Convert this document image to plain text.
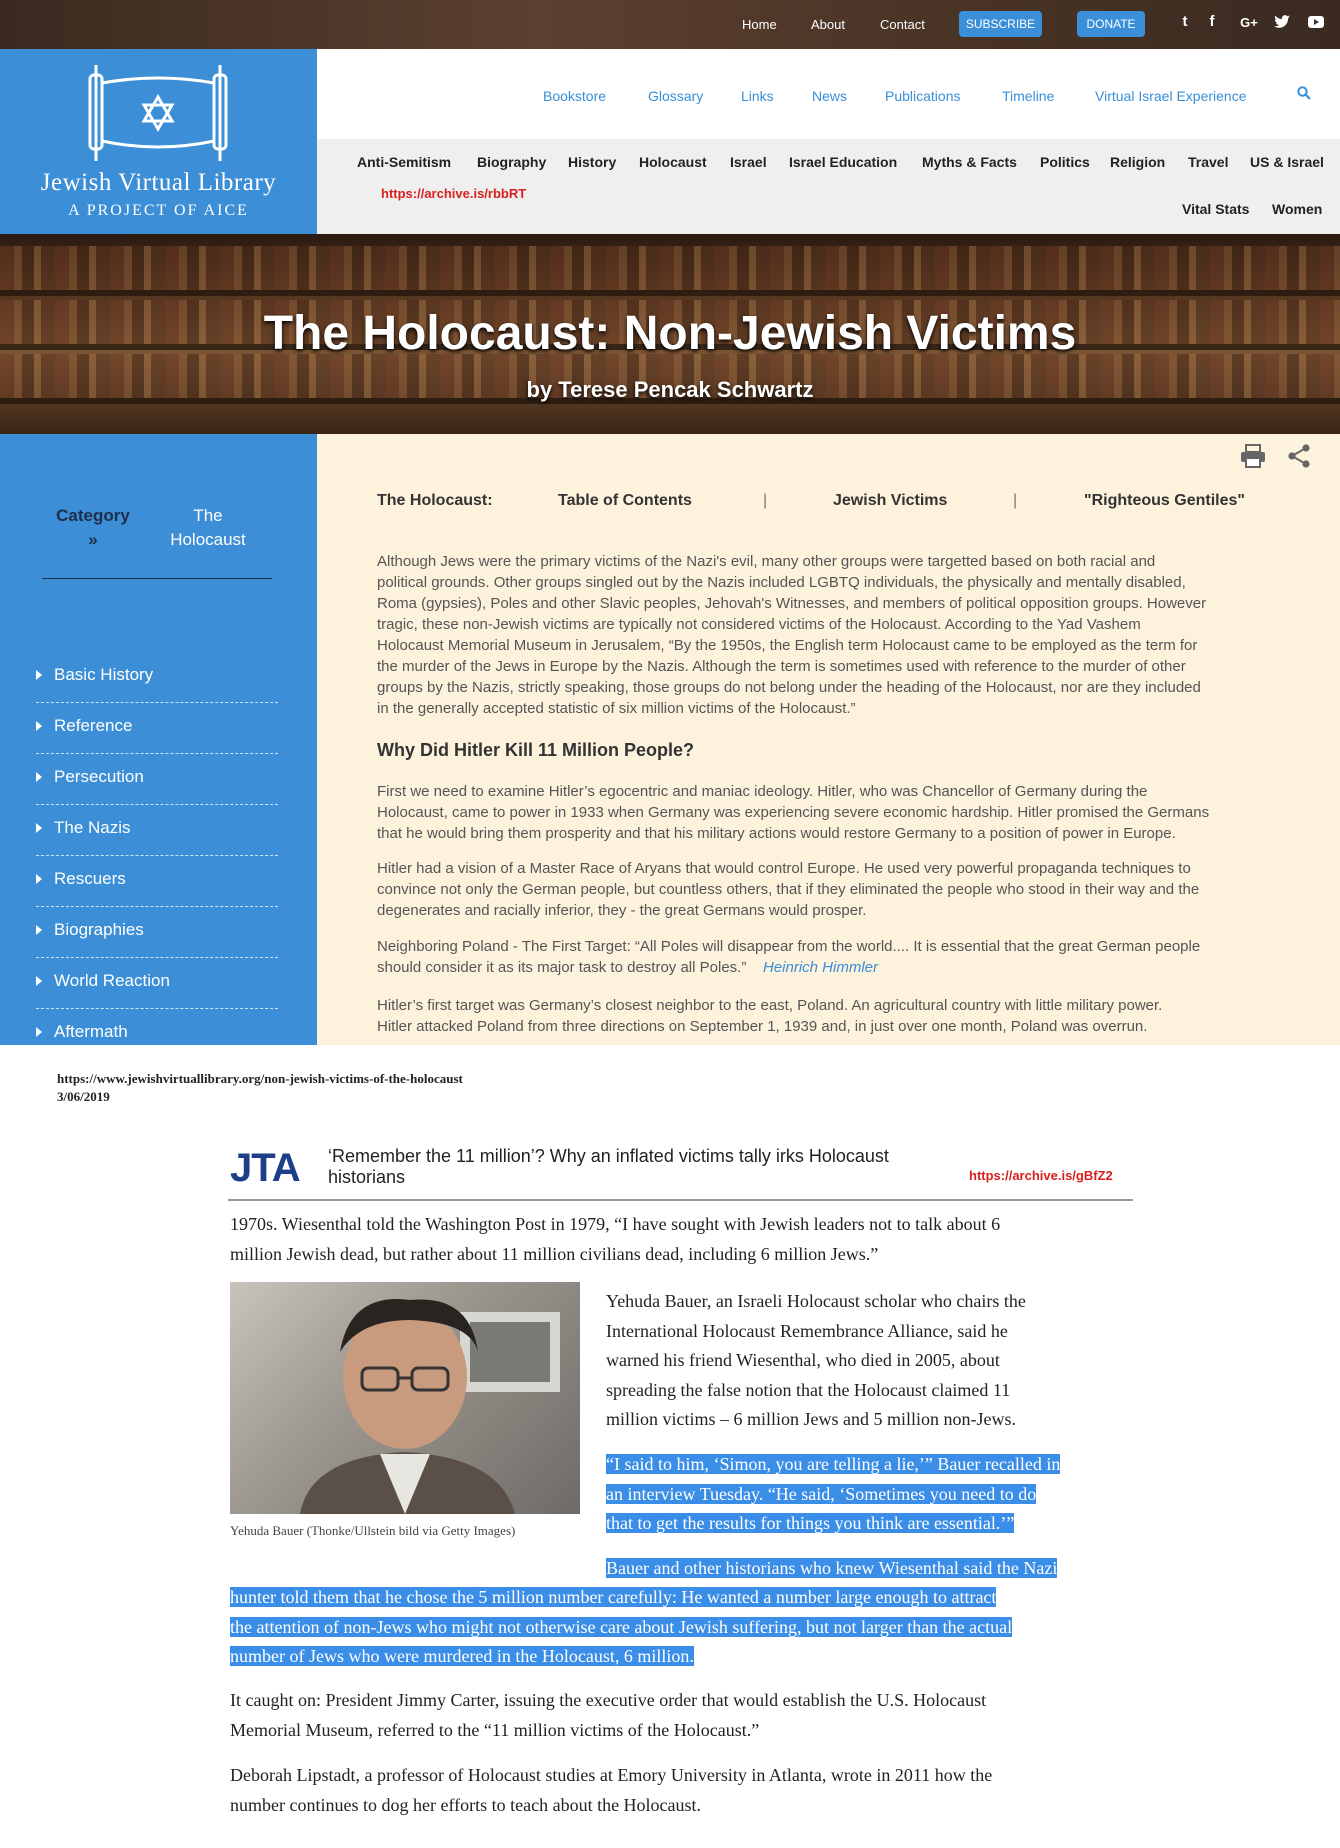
Home	About	Contact	SUBSCRIBE	DONATE	t	f	G+
Jewish Virtual Library
A PROJECT OF AICE
Bookstore	Glossary	Links	News	Publications	Timeline	Virtual Israel Experience
Anti-Semitism Biography History Holocaust Israel Israel Education Myths & Facts Politics Religion Travel US & Israel
Vital Stats Women
https://archive.is/rbbRT
The Holocaust: Non-Jewish Victims
by Terese Pencak Schwartz
Category »
The Holocaust
Basic History
Reference
Persecution
The Nazis
Rescuers
Biographies
World Reaction
Aftermath
The Holocaust:	Table of Contents	|	Jewish Victims	|	"Righteous Gentiles"
Although Jews were the primary victims of the Nazi's evil, many other groups were targetted based on both racial and
political grounds. Other groups singled out by the Nazis included LGBTQ individuals, the physically and mentally disabled,
Roma (gypsies), Poles and other Slavic peoples, Jehovah's Witnesses, and members of political opposition groups. However
tragic, these non-Jewish victims are typically not considered victims of the Holocaust. According to the Yad Vashem
Holocaust Memorial Museum in Jerusalem, “By the 1950s, the English term Holocaust came to be employed as the term for
the murder of the Jews in Europe by the Nazis. Although the term is sometimes used with reference to the murder of other
groups by the Nazis, strictly speaking, those groups do not belong under the heading of the Holocaust, nor are they included
in the generally accepted statistic of six million victims of the Holocaust.”
Why Did Hitler Kill 11 Million People?
First we need to examine Hitler’s egocentric and maniac ideology. Hitler, who was Chancellor of Germany during the
Holocaust, came to power in 1933 when Germany was experiencing severe economic hardship. Hitler promised the Germans
that he would bring them prosperity and that his military actions would restore Germany to a position of power in Europe.
Hitler had a vision of a Master Race of Aryans that would control Europe. He used very powerful propaganda techniques to
convince not only the German people, but countless others, that if they eliminated the people who stood in their way and the
degenerates and racially inferior, they - the great Germans would prosper.
Neighboring Poland - The First Target: “All Poles will disappear from the world.... It is essential that the great German people
should consider it as its major task to destroy all Poles.” Heinrich Himmler
Hitler’s first target was Germany’s closest neighbor to the east, Poland. An agricultural country with little military power.
Hitler attacked Poland from three directions on September 1, 1939 and, in just over one month, Poland was overrun.
https://www.jewishvirtuallibrary.org/non-jewish-victims-of-the-holocaust
3/06/2019
JTA ‘Remember the 11 million’? Why an inflated victims tally irks Holocaust historians	https://archive.is/gBfZ2
1970s. Wiesenthal told the Washington Post in 1979, “I have sought with Jewish leaders not to talk about 6
million Jewish dead, but rather about 11 million civilians dead, including 6 million Jews.”
Yehuda Bauer (Thonke/Ullstein bild via Getty Images)
Yehuda Bauer, an Israeli Holocaust scholar who chairs the
International Holocaust Remembrance Alliance, said he
warned his friend Wiesenthal, who died in 2005, about
spreading the false notion that the Holocaust claimed 11
million victims – 6 million Jews and 5 million non-Jews.
“I said to him, ‘Simon, you are telling a lie,’” Bauer recalled in
an interview Tuesday. “He said, ‘Sometimes you need to do
that to get the results for things you think are essential.’”
Bauer and other historians who knew Wiesenthal said the Nazi
hunter told them that he chose the 5 million number carefully: He wanted a number large enough to attract
the attention of non-Jews who might not otherwise care about Jewish suffering, but not larger than the actual
number of Jews who were murdered in the Holocaust, 6 million.
It caught on: President Jimmy Carter, issuing the executive order that would establish the U.S. Holocaust
Memorial Museum, referred to the “11 million victims of the Holocaust.”
Deborah Lipstadt, a professor of Holocaust studies at Emory University in Atlanta, wrote in 2011 how the
number continues to dog her efforts to teach about the Holocaust.
